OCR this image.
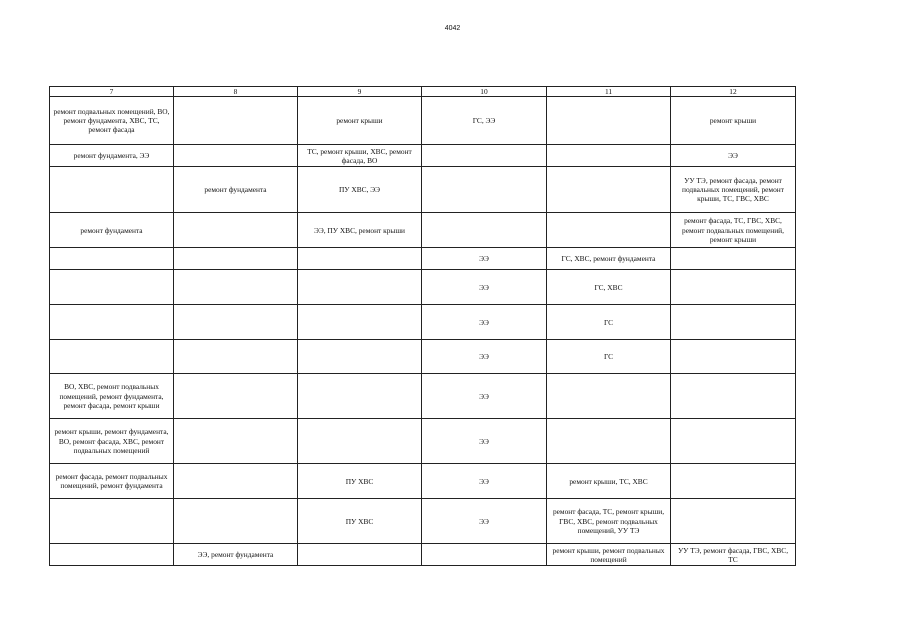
4042
7	8	9	10	11	12
ремонт подвальных помещений, ВО, ремонт фундамента, ХВС, ТС, ремонт фасада		ремонт крыши	ГС, ЭЭ		ремонт крыши
ремонт фундамента, ЭЭ		ТС, ремонт крыши, ХВС, ремонт фасада, ВО			ЭЭ
	ремонт фундамента	ПУ ХВС, ЭЭ			УУ ТЭ, ремонт фасада, ремонт подвальных помещений, ремонт крыши, ТС, ГВС, ХВС
ремонт фундамента		ЭЭ, ПУ ХВС, ремонт крыши			ремонт фасада, ТС, ГВС, ХВС, ремонт подвальных помещений, ремонт крыши
			ЭЭ	ГС, ХВС, ремонт фундамента	
			ЭЭ	ГС, ХВС	
			ЭЭ	ГС	
			ЭЭ	ГС	
ВО, ХВС, ремонт подвальных помещений, ремонт фундамента, ремонт фасада, ремонт крыши			ЭЭ		
ремонт крыши, ремонт фундамента, ВО, ремонт фасада, ХВС, ремонт подвальных помещений			ЭЭ		
ремонт фасада, ремонт подвальных помещений, ремонт фундамента		ПУ ХВС	ЭЭ	ремонт крыши, ТС, ХВС	
		ПУ ХВС	ЭЭ	ремонт фасада, ТС, ремонт крыши, ГВС, ХВС, ремонт подвальных помещений, УУ ТЭ	
	ЭЭ, ремонт фундамента			ремонт крыши, ремонт подвальных помещений	УУ ТЭ, ремонт фасада, ГВС, ХВС, ТС
